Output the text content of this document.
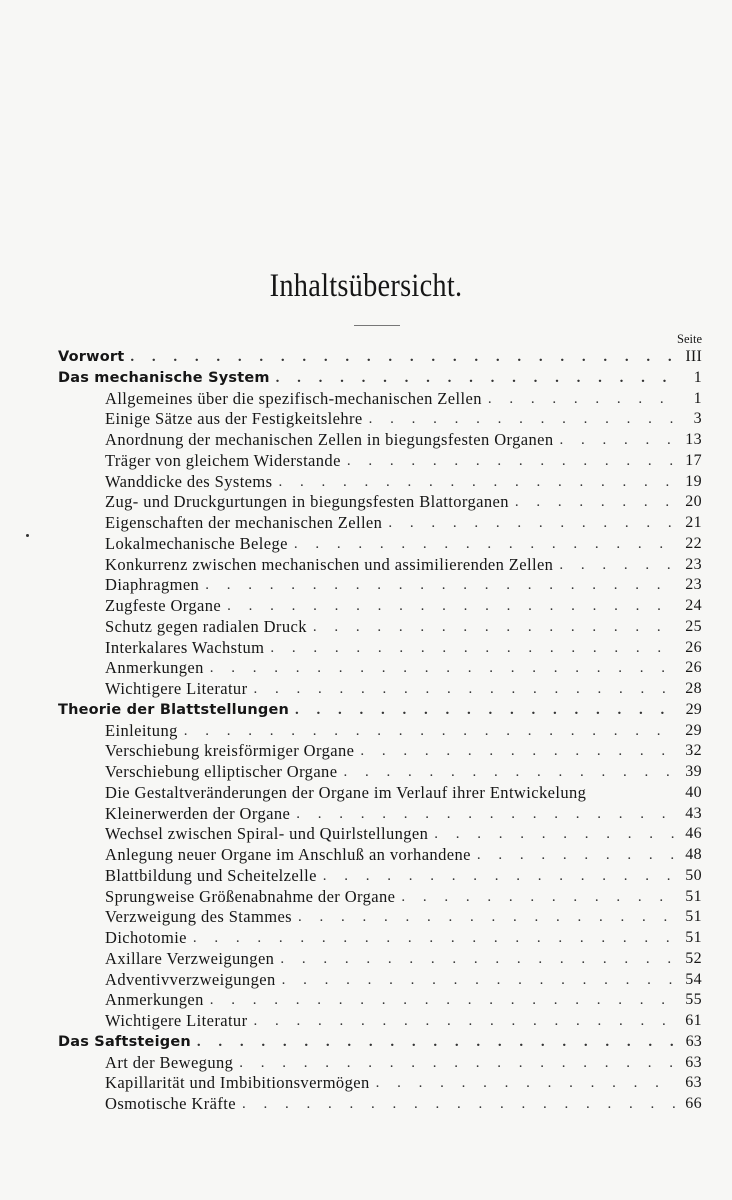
Inhaltsübersicht.
Seite
Vorwort . . .	III
Das mechanische System . . .	1
Allgemeines über die spezifisch-mechanischen Zellen . . .	1
Einige Sätze aus der Festigkeitslehre . . .	3
Anordnung der mechanischen Zellen in biegungsfesten Organen . . .	13
Träger von gleichem Widerstande . . .	17
Wanddicke des Systems . . .	19
Zug- und Druckgurtungen in biegungsfesten Blattorganen . . .	20
Eigenschaften der mechanischen Zellen . . .	21
Lokalmechanische Belege . . .	22
Konkurrenz zwischen mechanischen und assimilierenden Zellen . . .	23
Diaphragmen . . .	23
Zugfeste Organe . . .	24
Schutz gegen radialen Druck . . .	25
Interkalares Wachstum . . .	26
Anmerkungen . . .	26
Wichtigere Literatur . . .	28
Theorie der Blattstellungen . . .	29
Einleitung . . .	29
Verschiebung kreisförmiger Organe . . .	32
Verschiebung elliptischer Organe . . .	39
Die Gestaltveränderungen der Organe im Verlauf ihrer Entwickelung	40
Kleinerwerden der Organe . . .	43
Wechsel zwischen Spiral- und Quirlstellungen . . .	46
Anlegung neuer Organe im Anschluß an vorhandene . . .	48
Blattbildung und Scheitelzelle . . .	50
Sprungweise Größenabnahme der Organe . . .	51
Verzweigung des Stammes . . .	51
Dichotomie . . .	51
Axillare Verzweigungen . . .	52
Adventivverzweigungen . . .	54
Anmerkungen . . .	55
Wichtigere Literatur . . .	61
Das Saftsteigen . . .	63
Art der Bewegung . . .	63
Kapillarität und Imbibitionsvermögen . . .	63
Osmotische Kräfte . . .	66
